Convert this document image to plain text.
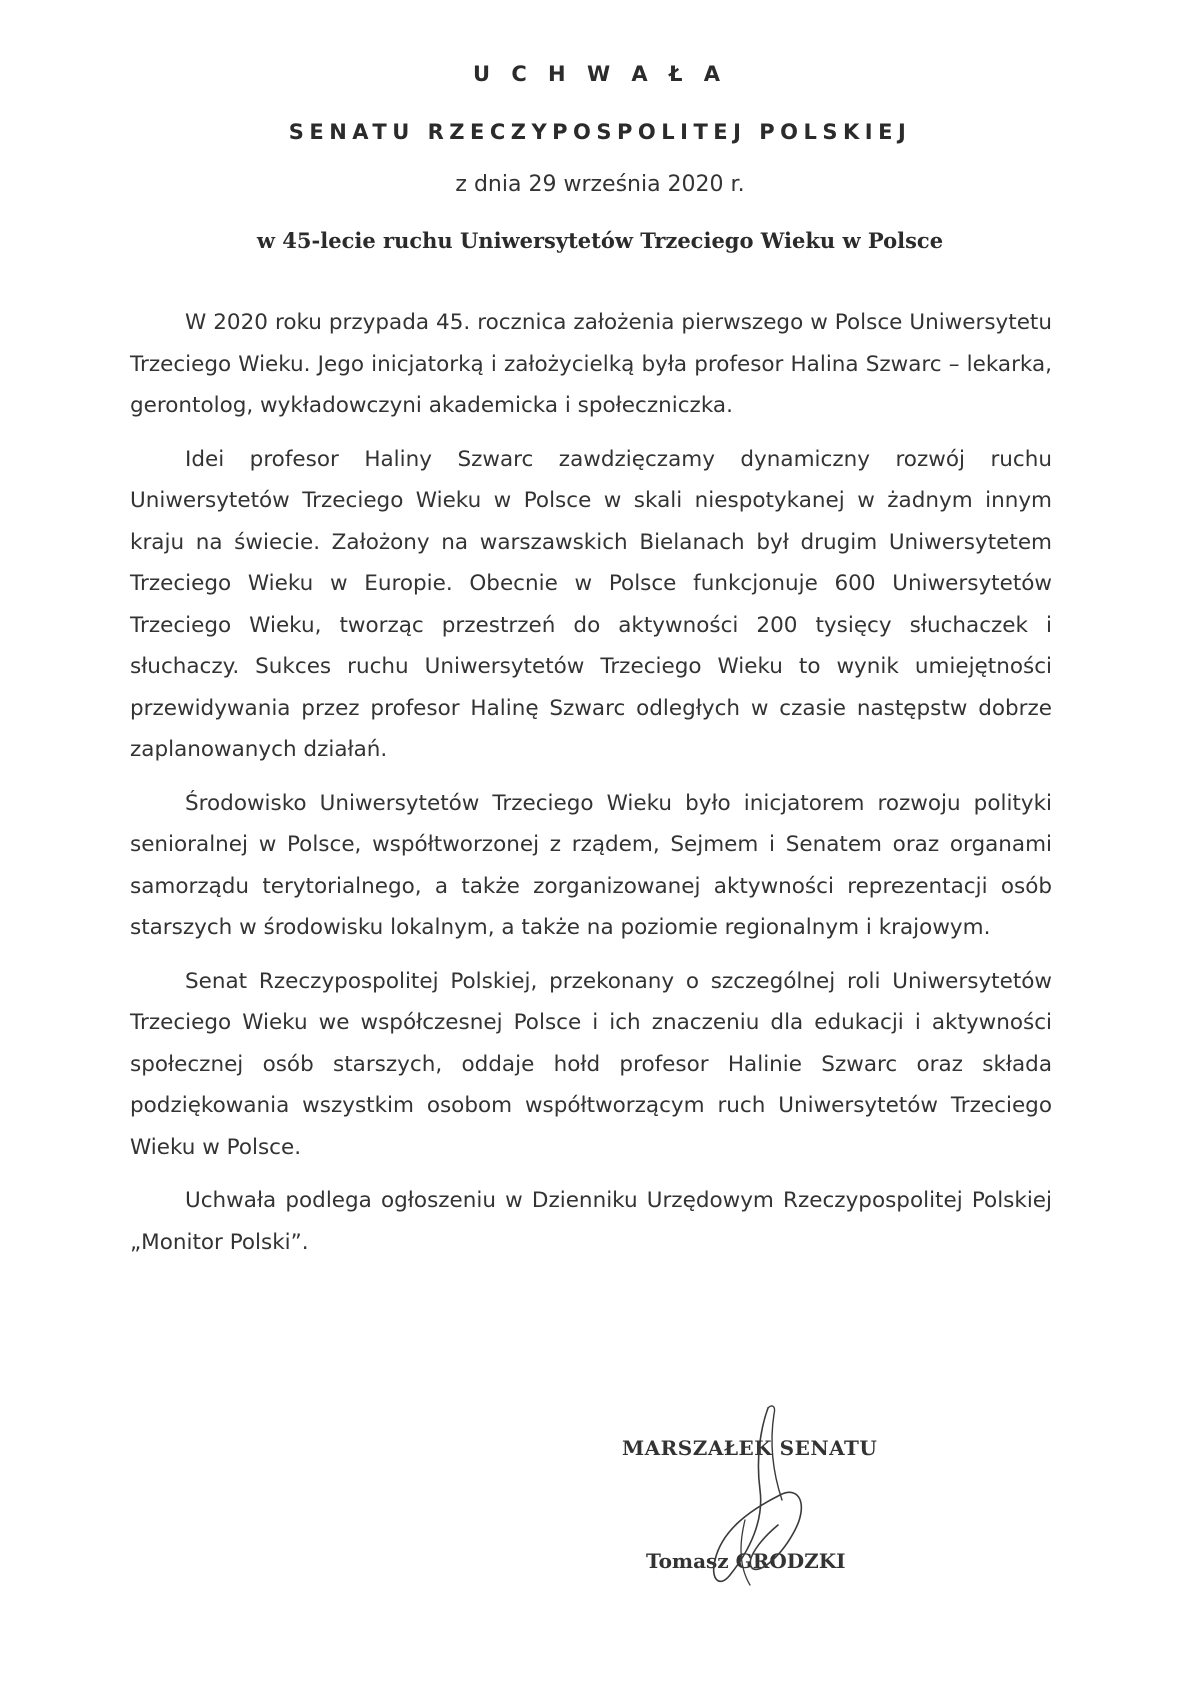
U C H W A Ł A
SENATU RZECZYPOSPOLITEJ POLSKIEJ
z dnia 29 września 2020 r.
w 45-lecie ruchu Uniwersytetów Trzeciego Wieku w Polsce

W 2020 roku przypada 45. rocznica założenia pierwszego w Polsce Uniwersytetu Trzeciego Wieku. Jego inicjatorką i założycielką była profesor Halina Szwarc – lekarka, gerontolog, wykładowczyni akademicka i społeczniczka.

Idei profesor Haliny Szwarc zawdzięczamy dynamiczny rozwój ruchu Uniwersytetów Trzeciego Wieku w Polsce w skali niespotykanej w żadnym innym kraju na świecie. Założony na warszawskich Bielanach był drugim Uniwersytetem Trzeciego Wieku w Europie. Obecnie w Polsce funkcjonuje 600 Uniwersytetów Trzeciego Wieku, tworząc przestrzeń do aktywności 200 tysięcy słuchaczek i słuchaczy. Sukces ruchu Uniwersytetów Trzeciego Wieku to wynik umiejętności przewidywania przez profesor Halinę Szwarc odległych w czasie następstw dobrze zaplanowanych działań.

Środowisko Uniwersytetów Trzeciego Wieku było inicjatorem rozwoju polityki senioralnej w Polsce, współtworzonej z rządem, Sejmem i Senatem oraz organami samorządu terytorialnego, a także zorganizowanej aktywności reprezentacji osób starszych w środowisku lokalnym, a także na poziomie regionalnym i krajowym.

Senat Rzeczypospolitej Polskiej, przekonany o szczególnej roli Uniwersytetów Trzeciego Wieku we współczesnej Polsce i ich znaczeniu dla edukacji i aktywności społecznej osób starszych, oddaje hołd profesor Halinie Szwarc oraz składa podziękowania wszystkim osobom współtworzącym ruch Uniwersytetów Trzeciego Wieku w Polsce.

Uchwała podlega ogłoszeniu w Dzienniku Urzędowym Rzeczypospolitej Polskiej „Monitor Polski”.

MARSZAŁEK SENATU
Tomasz GRODZKI
